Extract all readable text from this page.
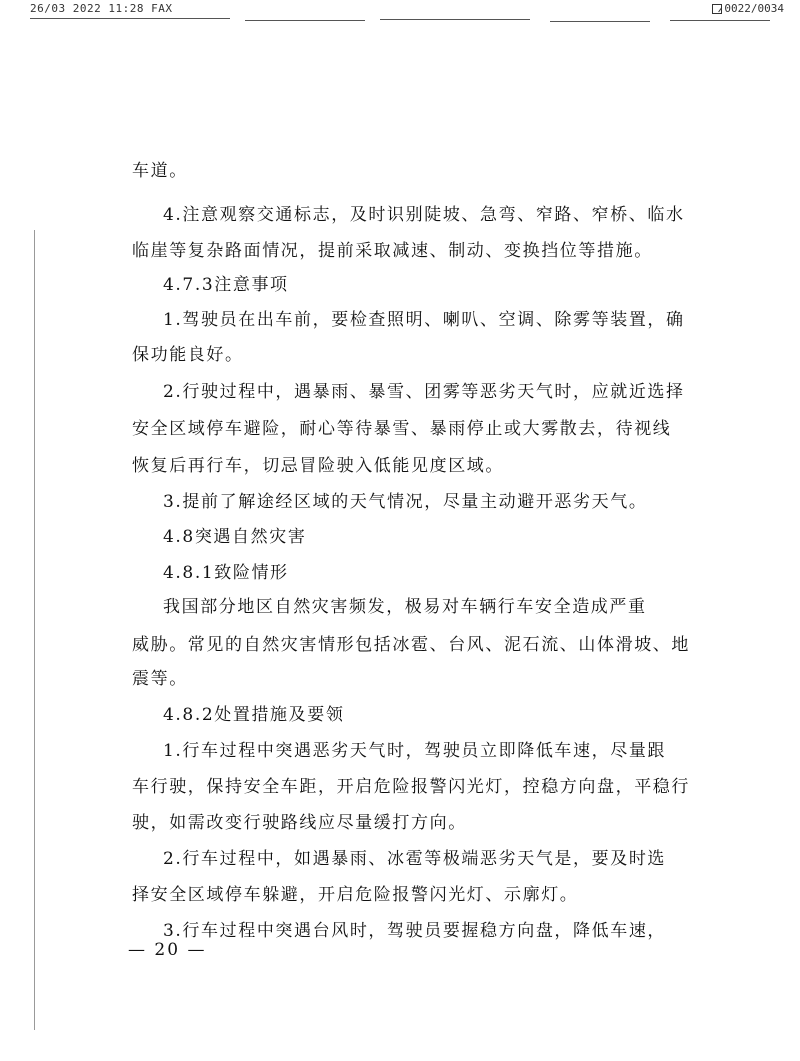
26/03 2022 11:28 FAX	0022/0034
车道。
4.注意观察交通标志，及时识别陡坡、急弯、窄路、窄桥、临水
临崖等复杂路面情况，提前采取减速、制动、变换挡位等措施。
4.7.3注意事项
1.驾驶员在出车前，要检查照明、喇叭、空调、除雾等装置，确
保功能良好。
2.行驶过程中，遇暴雨、暴雪、团雾等恶劣天气时，应就近选择
安全区域停车避险，耐心等待暴雪、暴雨停止或大雾散去，待视线
恢复后再行车，切忌冒险驶入低能见度区域。
3.提前了解途经区域的天气情况，尽量主动避开恶劣天气。
4.8突遇自然灾害
4.8.1致险情形
我国部分地区自然灾害频发，极易对车辆行车安全造成严重
威胁。常见的自然灾害情形包括冰雹、台风、泥石流、山体滑坡、地
震等。
4.8.2处置措施及要领
1.行车过程中突遇恶劣天气时，驾驶员立即降低车速，尽量跟
车行驶，保持安全车距，开启危险报警闪光灯，控稳方向盘，平稳行
驶，如需改变行驶路线应尽量缓打方向。
2.行车过程中，如遇暴雨、冰雹等极端恶劣天气是，要及时选
择安全区域停车躲避，开启危险报警闪光灯、示廓灯。
3.行车过程中突遇台风时，驾驶员要握稳方向盘，降低车速，
— 20 —
